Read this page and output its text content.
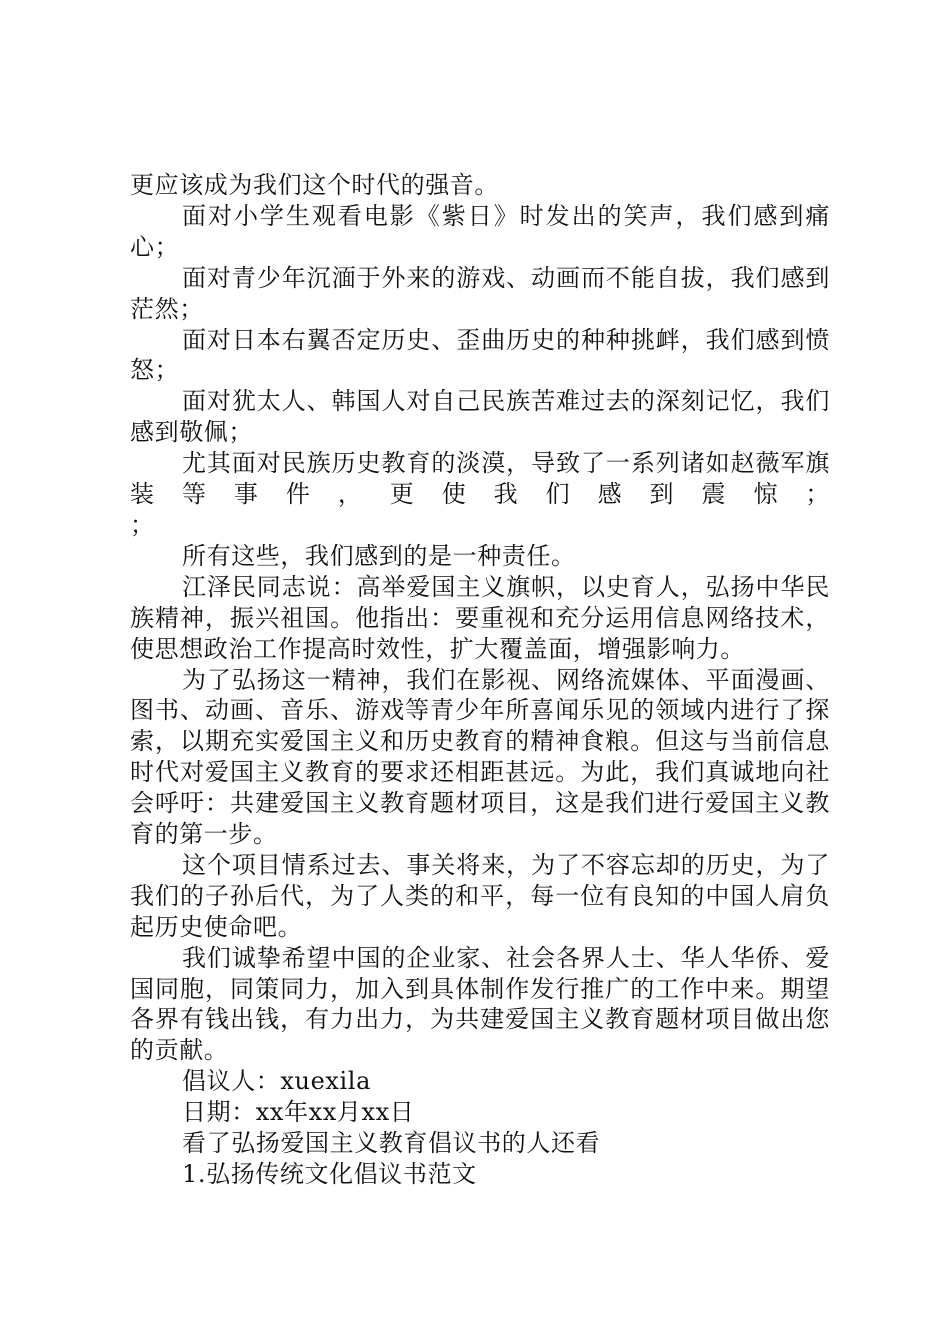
更应该成为我们这个时代的强音。

面对小学生观看电影《紫日》时发出的笑声，我们感到痛心；

面对青少年沉湎于外来的游戏、动画而不能自拔，我们感到茫然；

面对日本右翼否定历史、歪曲历史的种种挑衅，我们感到愤怒；

面对犹太人、韩国人对自己民族苦难过去的深刻记忆，我们感到敬佩；

尤其面对民族历史教育的淡漠，导致了一系列诸如赵薇军旗装等事件，更使我们感到震惊；

；

所有这些，我们感到的是一种责任。

江泽民同志说：高举爱国主义旗帜，以史育人，弘扬中华民族精神，振兴祖国。他指出：要重视和充分运用信息网络技术，使思想政治工作提高时效性，扩大覆盖面，增强影响力。

为了弘扬这一精神，我们在影视、网络流媒体、平面漫画、图书、动画、音乐、游戏等青少年所喜闻乐见的领域内进行了探索，以期充实爱国主义和历史教育的精神食粮。但这与当前信息时代对爱国主义教育的要求还相距甚远。为此，我们真诚地向社会呼吁：共建爱国主义教育题材项目，这是我们进行爱国主义教育的第一步。

这个项目情系过去、事关将来，为了不容忘却的历史，为了我们的子孙后代，为了人类的和平，每一位有良知的中国人肩负起历史使命吧。

我们诚挚希望中国的企业家、社会各界人士、华人华侨、爱国同胞，同策同力，加入到具体制作发行推广的工作中来。期望各界有钱出钱，有力出力，为共建爱国主义教育题材项目做出您的贡献。

倡议人：xuexila

日期：xx年xx月xx日

看了弘扬爱国主义教育倡议书的人还看

1.弘扬传统文化倡议书范文
